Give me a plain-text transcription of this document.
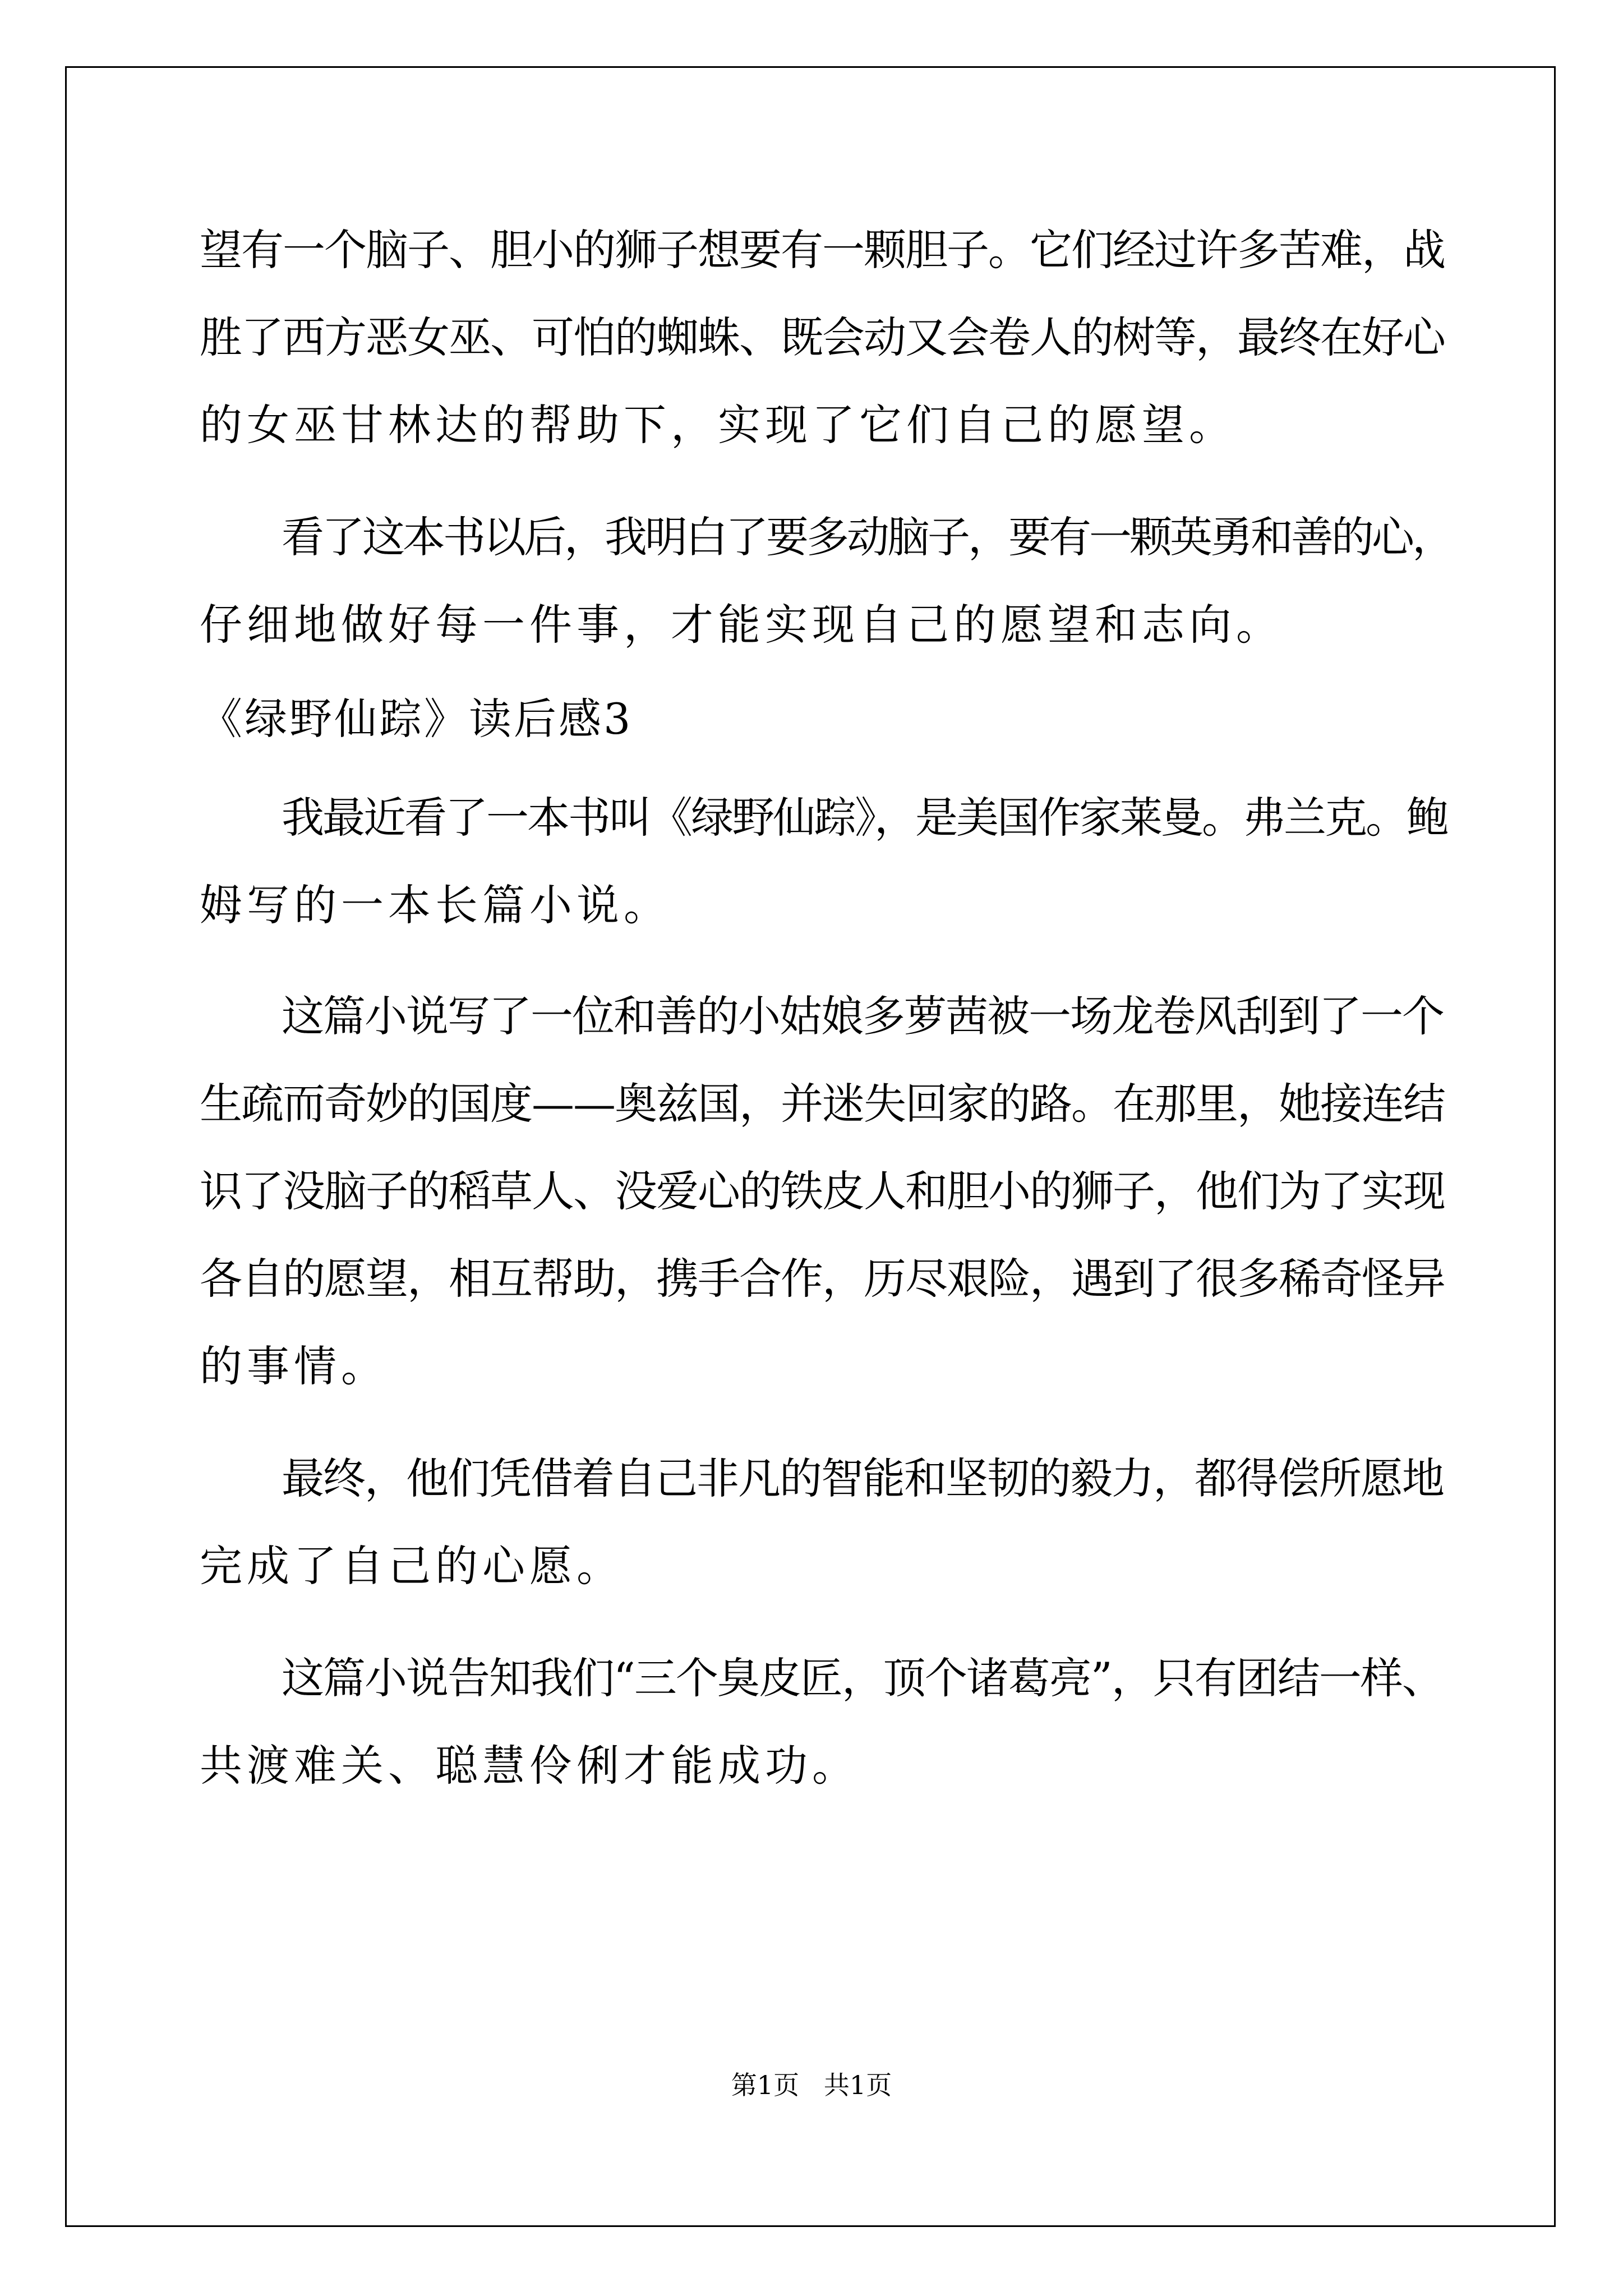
望有一个脑子、胆小的狮子想要有一颗胆子。它们经过许多苦难，战
胜了西方恶女巫、可怕的蜘蛛、既会动又会卷人的树等，最终在好心
的女巫甘林达的帮助下，实现了它们自己的愿望。
看了这本书以后，我明白了要多动脑子，要有一颗英勇和善的心，
仔细地做好每一件事，才能实现自己的愿望和志向。
《绿野仙踪》读后感3
我最近看了一本书叫《绿野仙踪》，是美国作家莱曼。弗兰克。鲍
姆写的一本长篇小说。
这篇小说写了一位和善的小姑娘多萝茜被一场龙卷风刮到了一个
生疏而奇妙的国度——奥兹国，并迷失回家的路。在那里，她接连结
识了没脑子的稻草人、没爱心的铁皮人和胆小的狮子，他们为了实现
各自的愿望，相互帮助，携手合作，历尽艰险，遇到了很多稀奇怪异
的事情。
最终，他们凭借着自己非凡的智能和坚韧的毅力，都得偿所愿地
完成了自己的心愿。
这篇小说告知我们“三个臭皮匠，顶个诸葛亮”，只有团结一样、
共渡难关、聪慧伶俐才能成功。
第1页   共1页
